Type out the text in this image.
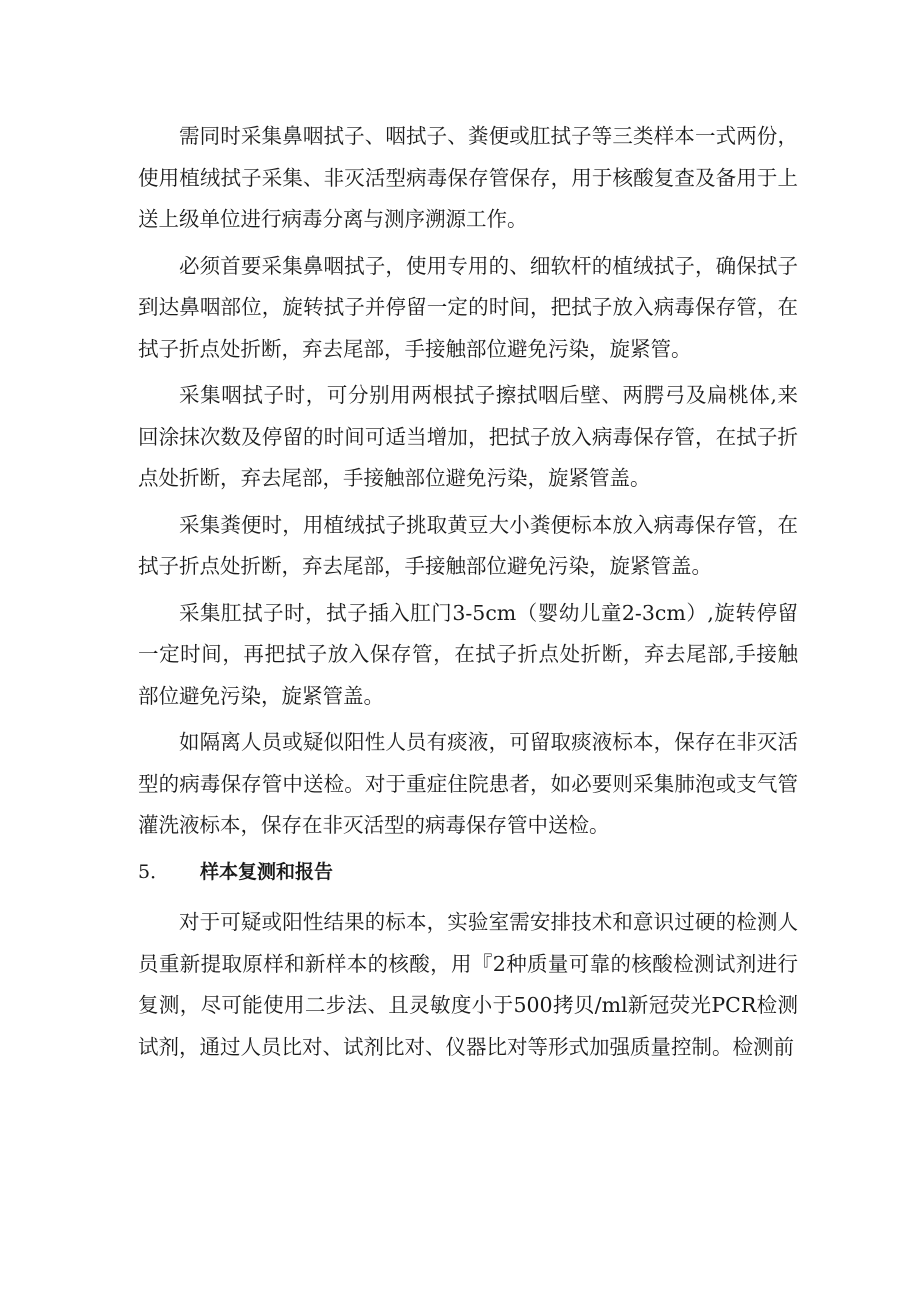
需同时采集鼻咽拭子、咽拭子、粪便或肛拭子等三类样本一式两份，使用植绒拭子采集、非灭活型病毒保存管保存，用于核酸复查及备用于上送上级单位进行病毒分离与测序溯源工作。

必须首要采集鼻咽拭子，使用专用的、细软杆的植绒拭子，确保拭子到达鼻咽部位，旋转拭子并停留一定的时间，把拭子放入病毒保存管，在拭子折点处折断，弃去尾部，手接触部位避免污染，旋紧管。

采集咽拭子时，可分别用两根拭子擦拭咽后壁、两腭弓及扁桃体,来回涂抹次数及停留的时间可适当增加，把拭子放入病毒保存管，在拭子折点处折断，弃去尾部，手接触部位避免污染，旋紧管盖。

采集粪便时，用植绒拭子挑取黄豆大小粪便标本放入病毒保存管，在拭子折点处折断，弃去尾部，手接触部位避免污染，旋紧管盖。

采集肛拭子时，拭子插入肛门3-5cm（婴幼儿童2-3cm）,旋转停留一定时间，再把拭子放入保存管，在拭子折点处折断，弃去尾部,手接触部位避免污染，旋紧管盖。

如隔离人员或疑似阳性人员有痰液，可留取痰液标本，保存在非灭活型的病毒保存管中送检。对于重症住院患者，如必要则采集肺泡或支气管灌洗液标本，保存在非灭活型的病毒保存管中送检。

5． 样本复测和报告

对于可疑或阳性结果的标本，实验室需安排技术和意识过硬的检测人员重新提取原样和新样本的核酸，用『2种质量可靠的核酸检测试剂进行复测，尽可能使用二步法、且灵敏度小于500拷贝/ml新冠荧光PCR检测试剂，通过人员比对、试剂比对、仪器比对等形式加强质量控制。检测前
